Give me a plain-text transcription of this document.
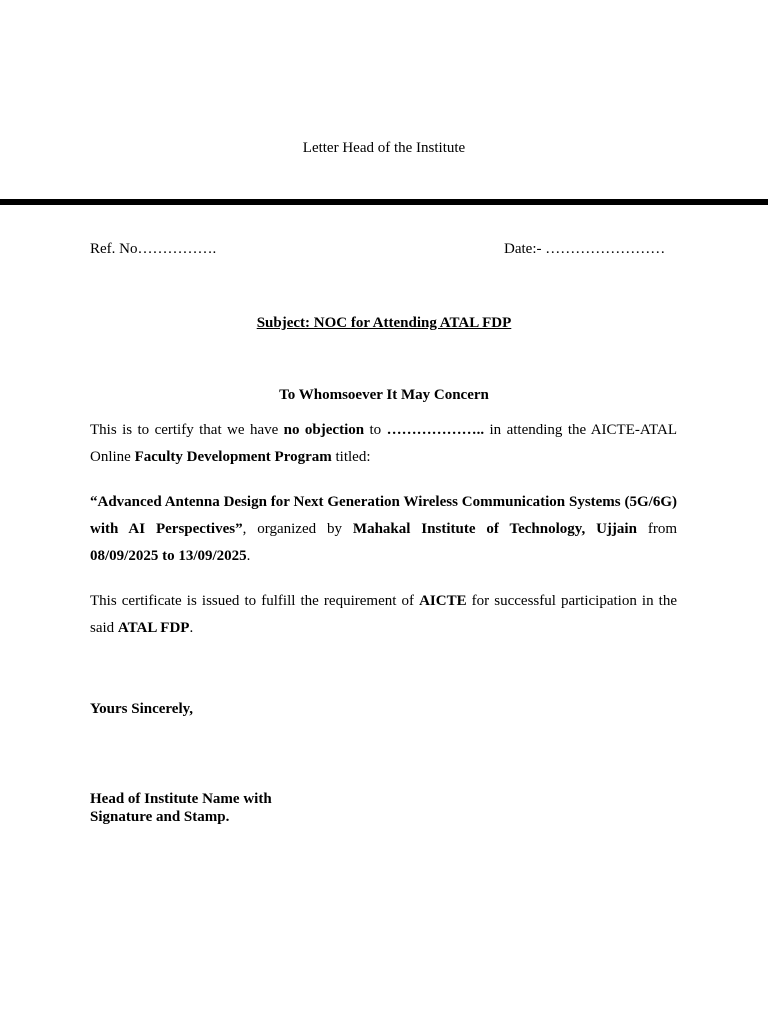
Letter Head of the Institute
Ref. No…………….	Date:- ……………………
Subject: NOC for Attending ATAL FDP
To Whomsoever It May Concern

This is to certify that we have no objection to ……………….. in attending the AICTE-ATAL Online Faculty Development Program titled:

“Advanced Antenna Design for Next Generation Wireless Communication Systems (5G/6G) with AI Perspectives”, organized by Mahakal Institute of Technology, Ujjain from 08/09/2025 to 13/09/2025.

This certificate is issued to fulfill the requirement of AICTE for successful participation in the said ATAL FDP.

Yours Sincerely,
Head of Institute Name with
Signature and Stamp.
